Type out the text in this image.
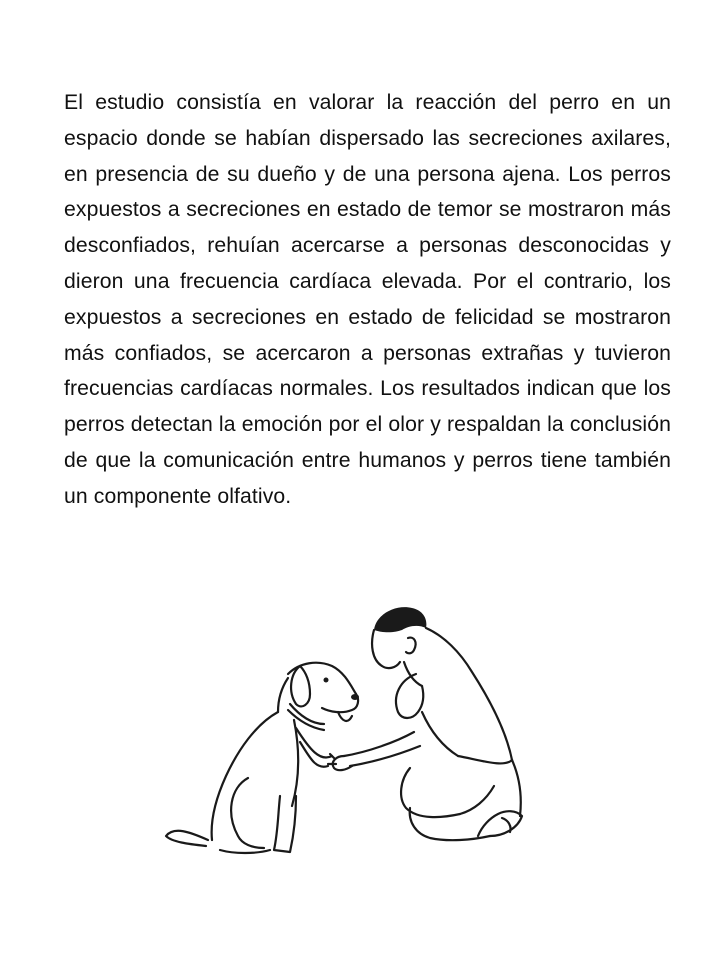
El estudio consistía en valorar la reacción del perro en un espacio donde se habían dispersado las secreciones axilares, en presencia de su dueño y de una persona ajena. Los perros expuestos a secreciones en estado de temor se mostraron más desconfiados, rehuían acercarse a personas desconocidas y dieron una frecuencia cardíaca elevada. Por el contrario, los expuestos a secreciones en estado de felicidad se mostraron más confiados, se acercaron a personas extrañas y tuvieron frecuencias cardíacas normales. Los resultados indican que los perros detectan la emoción por el olor y respaldan la conclusión de que la comunicación entre humanos y perros tiene también un componente olfativo.
